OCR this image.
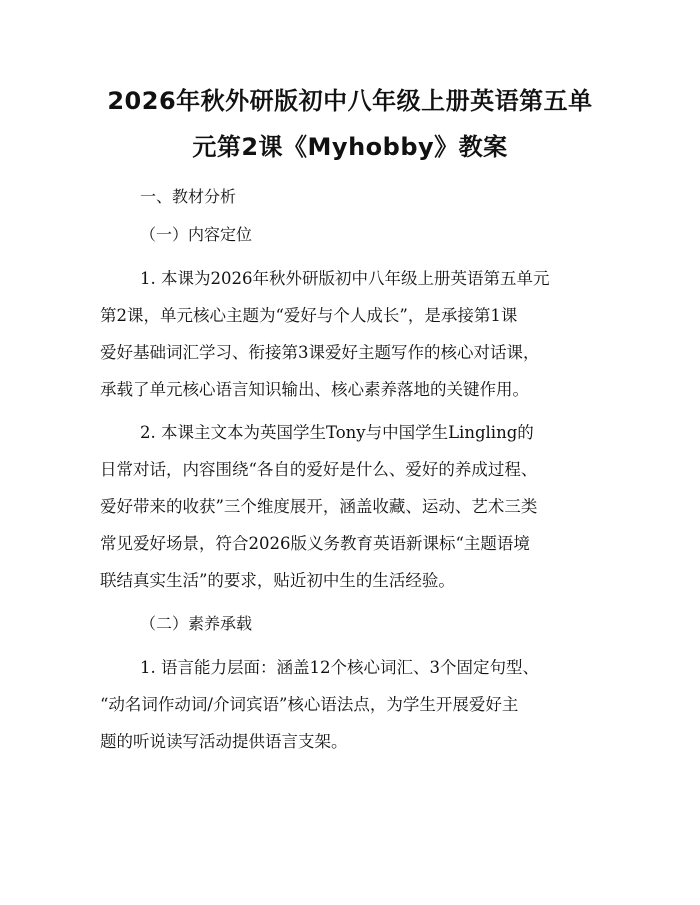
2026年秋外研版初中八年级上册英语第五单
元第2课《Myhobby》教案

一、教材分析

（一）内容定位

1. 本课为2026年秋外研版初中八年级上册英语第五单元
第2课，单元核心主题为“爱好与个人成长”，是承接第1课
爱好基础词汇学习、衔接第3课爱好主题写作的核心对话课，
承载了单元核心语言知识输出、核心素养落地的关键作用。

2. 本课主文本为英国学生Tony与中国学生Lingling的
日常对话，内容围绕“各自的爱好是什么、爱好的养成过程、
爱好带来的收获”三个维度展开，涵盖收藏、运动、艺术三类
常见爱好场景，符合2026版义务教育英语新课标“主题语境
联结真实生活”的要求，贴近初中生的生活经验。

（二）素养承载

1. 语言能力层面：涵盖12个核心词汇、3个固定句型、
“动名词作动词/介词宾语”核心语法点，为学生开展爱好主
题的听说读写活动提供语言支架。
